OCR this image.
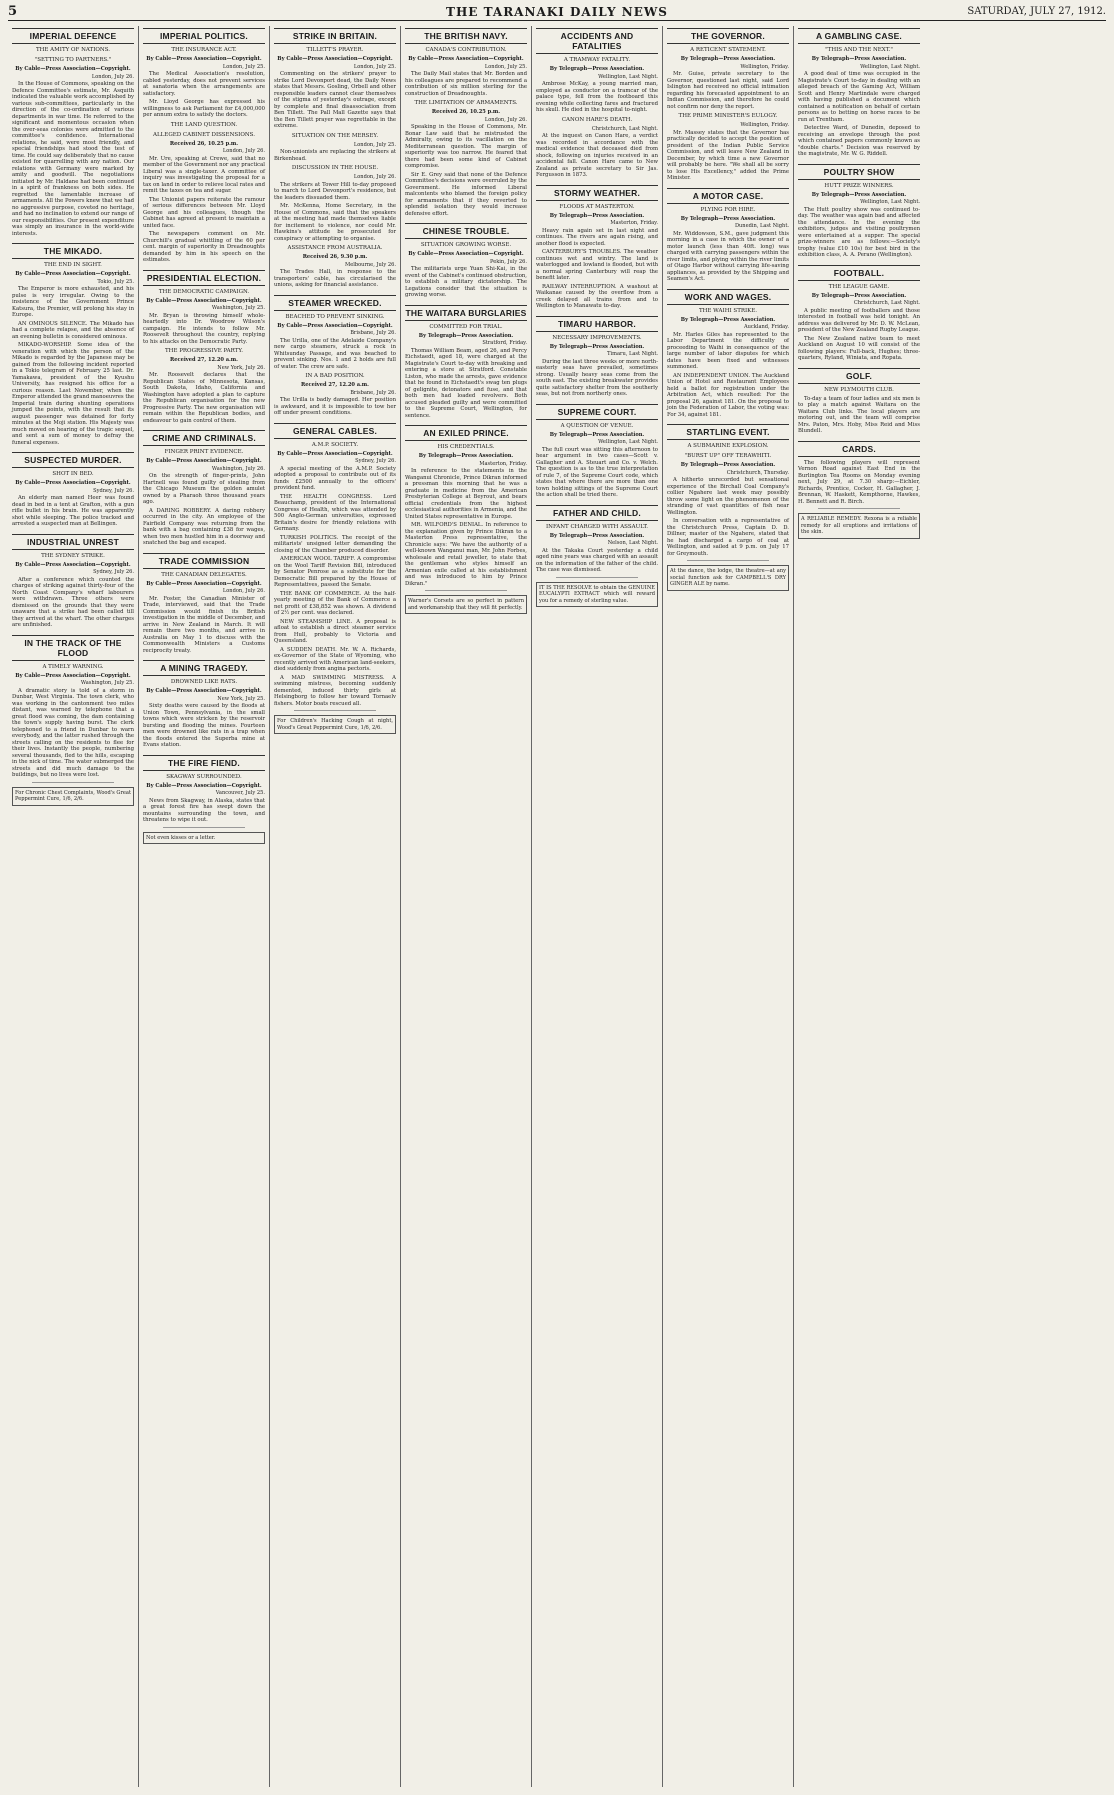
5	THE TARANAKI DAILY NEWS	SATURDAY, JULY 27, 1912.
IMPERIAL DEFENCE
THE AMITY OF NATIONS.
"SETTING TO PARTNERS."
By Cable—Press Association—Copyright.
London, July 26.

In the House of Commons, speaking on the Defence Committee's estimate, Mr. Asquith indicated the valuable work accomplished by various sub-committees, particularly in the direction of the co-ordination of various departments in war time. He referred to the significant and momentous occasion when the over-seas colonies were admitted to the committee's confidence. International relations, he said, were most friendly, and special friendships had stood the test of time. He could say deliberately that no cause existed for quarrelling with any nation. Our relations with Germany were marked by amity and goodwill. The negotiations initiated by Mr. Haldane had been continued in a spirit of frankness on both sides. He regretted the lamentable increase of armaments. All the Powers knew that we had no aggressive purpose, coveted no heritage, and had no inclination to extend our range of our responsibilities. Our present expenditure was simply an insurance in the world-wide interests.

THE MIKADO.
THE END IN SIGHT.
By Cable—Press Association—Copyright.
Tokio, July 25.

The Emperor is more exhausted, and his pulse is very irregular. Owing to the insistence of the Government Prince Katsura, the Premier, will prolong his stay in Europe.

AN OMINOUS SILENCE. The Mikado has had a complete relapse, and the absence of an evening bulletin is considered ominous.

MIKADO-WORSHIP. Some idea of the veneration with which the person of the Mikado is regarded by the Japanese may be gained from the following incident reported in a Tokio telegram of February 25 last. Dr. Yamakawa, president of the Kyushu University, has resigned his office for a curious reason. Last November, when the Emperor attended the grand manoeuvres the Imperial train during shunting operations jumped the points, with the result that its august passenger was detained for forty minutes at the Moji station. His Majesty was much moved on hearing of the tragic sequel, and sent a sum of money to defray the funeral expenses.

SUSPECTED MURDER.
SHOT IN BED.
By Cable—Press Association—Copyright.
Sydney, July 26.

An elderly man named Heer was found dead in bed in a tent at Grafton, with a gun rifle bullet in his brain. He was apparently shot while sleeping. The police tracked and arrested a suspected man at Bellingen.

INDUSTRIAL UNREST
THE SYDNEY STRIKE.
By Cable—Press Association—Copyright.
Sydney, July 26.

After a conference which counted the charges of striking against thirty-four of the North Coast Company's wharf labourers were withdrawn. Three others were dismissed on the grounds that they were unaware that a strike had been called till they arrived at the wharf. The other charges are unfinished.

IN THE TRACK OF THE FLOOD
A TIMELY WARNING.
By Cable—Press Association—Copyright.
Washington, July 25.

A dramatic story is told of a storm in Dunbar, West Virginia. The town clerk, who was working in the cantonment two miles distant, was warned by telephone that a great flood was coming, the dam containing the town's supply having burst. The clerk telephoned to a friend in Dunbar to warn everybody, and the latter rushed through the streets calling on the residents to flee for their lives. Instantly the people, numbering several thousands, fled to the hills, escaping in the nick of time. The water submerged the streets and did much damage to the buildings, but no lives were lost.

For Chronic Chest Complaints, Wood's Great Peppermint Cure, 1/6, 2/6.
IMPERIAL POLITICS.
THE INSURANCE ACT.
By Cable—Press Association—Copyright.
London, July 25.

The Medical Association's resolution, cabled yesterday, does not prevent services at sanatoria when the arrangements are satisfactory.

Mr. Lloyd George has expressed his willingness to ask Parliament for £4,000,000 per annum extra to satisfy the doctors.

THE LAND QUESTION.
ALLEGED CABINET DISSENSIONS.
Received 26, 10.25 p.m.
London, July 26.

Mr. Ure, speaking at Crewe, said that no member of the Government nor any practical Liberal was a single-taxer. A committee of inquiry was investigating the proposal for a tax on land in order to relieve local rates and remit the taxes on tea and sugar.

The Unionist papers reiterate the rumour of serious differences between Mr. Lloyd George and his colleagues, though the Cabinet has agreed at present to maintain a united face.

The newspapers comment on Mr. Churchill's gradual whittling of the 60 per cent. margin of superiority in Dreadnoughts demanded by him in his speech on the estimates.

PRESIDENTIAL ELECTION.
THE DEMOCRATIC CAMPAIGN.
By Cable—Press Association—Copyright.
Washington, July 25.

Mr. Bryan is throwing himself whole-heartedly into Dr. Woodrow Wilson's campaign. He intends to follow Mr. Roosevelt throughout the country, replying to his attacks on the Democratic Party.

THE PROGRESSIVE PARTY.
Received 27, 12.20 a.m.
New York, July 26.

Mr. Roosevelt declares that the Republican States of Minnesota, Kansas, South Dakota, Idaho, California and Washington have adopted a plan to capture the Republican organisation for the new Progressive Party. The new organisation will remain within the Republican bodies, and endeavour to gain control of them.

CRIME AND CRIMINALS.
FINGER PRINT EVIDENCE.
By Cable—Press Association—Copyright.
Washington, July 26.

On the strength of finger-prints, John Hartnell was found guilty of stealing from the Chicago Museum the golden amulet owned by a Pharaoh three thousand years ago.

A DARING ROBBERY. A daring robbery occurred in the city. An employee of the Fairfield Company was returning from the bank with a bag containing £38 for wages, when two men hustled him in a doorway and snatched the bag and escaped.

TRADE COMMISSION
THE CANADIAN DELEGATES.
By Cable—Press Association—Copyright.
London, July 26.

Mr. Foster, the Canadian Minister of Trade, interviewed, said that the Trade Commission would finish its British investigation in the middle of December, and arrive in New Zealand in March. It will remain there two months, and arrive in Australia on May 1 to discuss with the Commonwealth Ministers a Customs reciprocity treaty.

A MINING TRAGEDY.
DROWNED LIKE RATS.
By Cable—Press Association—Copyright.
New York, July 25.

Sixty deaths were caused by the floods at Union Town, Pennsylvania, in the small towns which were stricken by the reservoir bursting and flooding the mines. Fourteen men were drowned like rats in a trap when the floods entered the Superba mine at Evans station.

THE FIRE FIEND.
SKAGWAY SURROUNDED.
By Cable—Press Association—Copyright.
Vancouver, July 25.

News from Skagway, in Alaska, states that a great forest fire has swept down the mountains surrounding the town, and threatens to wipe it out.

Not even kisses or a letter.
STRIKE IN BRITAIN.
TILLETT'S PRAYER.
By Cable—Press Association—Copyright.
London, July 25.

Commenting on the strikers' prayer to strike Lord Devonport dead, the Daily News states that Messrs. Gosling, Orbell and other responsible leaders cannot clear themselves of the stigma of yesterday's outrage, except by complete and final disassociation from Ben Tillett. The Pall Mall Gazette says that the Ben Tillett prayer was regrettable in the extreme.

SITUATION ON THE MERSEY.
London, July 25.

Non-unionists are replacing the strikers at Birkenhead.

DISCUSSION IN THE HOUSE.
London, July 26.

The strikers at Tower Hill to-day proposed to march to Lord Devonport's residence, but the leaders dissuaded them.

Mr. McKenna, Home Secretary, in the House of Commons, said that the speakers at the meeting had made themselves liable for incitement to violence, nor could Mr. Hawkins's attitude be prosecuted for conspiracy or attempting to organise.

ASSISTANCE FROM AUSTRALIA.
Received 26, 9.30 p.m.
Melbourne, July 26.

The Trades Hall, in response to the transporters' cable, has circularised the unions, asking for financial assistance.

STEAMER WRECKED.
BEACHED TO PREVENT SINKING.
By Cable—Press Association—Copyright.
Brisbane, July 26.

The Urilla, one of the Adelaide Company's new cargo steamers, struck a rock in Whitsunday Passage, and was beached to prevent sinking. Nos. 1 and 2 holds are full of water. The crew are safe.

IN A BAD POSITION.
Received 27, 12.20 a.m.
Brisbane, July 26.

The Urilla is badly damaged. Her position is awkward, and it is impossible to tow her off under present conditions.

GENERAL CABLES.
A.M.P. SOCIETY.
By Cable—Press Association—Copyright.
Sydney, July 26.

A special meeting of the A.M.P. Society adopted a proposal to contribute out of its funds £2500 annually to the officers' provident fund.

THE HEALTH CONGRESS. Lord Beauchamp, president of the International Congress of Health, which was attended by 500 Anglo-German universities, expressed Britain's desire for friendly relations with Germany.

TURKISH POLITICS. The receipt of the militarists' unsigned letter demanding the closing of the Chamber produced disorder.

AMERICAN WOOL TARIFF. A compromise on the Wool Tariff Revision Bill, introduced by Senator Penrose as a substitute for the Democratic Bill prepared by the House of Representatives, passed the Senate.

THE BANK OF COMMERCE. At the half-yearly meeting of the Bank of Commerce a net profit of £38,852 was shown. A dividend of 2½ per cent. was declared.

NEW STEAMSHIP LINE. A proposal is afloat to establish a direct steamer service from Hull, probably to Victoria and Queensland.

A SUDDEN DEATH. Mr. W. A. Richards, ex-Governor of the State of Wyoming, who recently arrived with American land-seekers, died suddenly from angina pectoris.

A MAD SWIMMING MISTRESS. A swimming mistress, becoming suddenly demented, induced thirty girls at Helsingborg to follow her toward Tornaelv fishers. Motor boats rescued all.

For Children's Hacking Cough at night, Wood's Great Peppermint Cure, 1/6, 2/6.
THE BRITISH NAVY.
CANADA'S CONTRIBUTION.
By Cable—Press Association—Copyright.
London, July 25.

The Daily Mail states that Mr. Borden and his colleagues are prepared to recommend a contribution of six million sterling for the construction of Dreadnoughts.

THE LIMITATION OF ARMAMENTS.
Received 26, 10.25 p.m.
London, July 26.

Speaking in the House of Commons, Mr. Bonar Law said that he mistrusted the Admiralty, owing to its vacillation on the Mediterranean question. The margin of superiority was too narrow. He feared that there had been some kind of Cabinet compromise.

Sir E. Grey said that none of the Defence Committee's decisions were overruled by the Government. He informed Liberal malcontents who blamed the foreign policy for armaments that if they reverted to splendid isolation they would increase defensive effort.

CHINESE TROUBLE.
SITUATION GROWING WORSE.
By Cable—Press Association—Copyright.
Pekin, July 26.

The militarists urge Yuan Shi-Kai, in the event of the Cabinet's continued obstruction, to establish a military dictatorship. The Legations consider that the situation is growing worse.

THE WAITARA BURGLARIES
COMMITTED FOR TRIAL.
By Telegraph—Press Association.
Stratford, Friday.

Thomas William Beam, aged 26, and Percy Eichstaedt, aged 18, were charged at the Magistrate's Court to-day with breaking and entering a store at Stratford. Constable Liston, who made the arrests, gave evidence that he found in Eichstaedt's swag ten plugs of gelignite, detonators and fuse, and that both men had loaded revolvers. Both accused pleaded guilty and were committed to the Supreme Court, Wellington, for sentence.

AN EXILED PRINCE.
HIS CREDENTIALS.
By Telegraph—Press Association.
Masterton, Friday.

In reference to the statements in the Wanganui Chronicle, Prince Dikran informed a pressman this morning that he was a graduate in medicine from the American Presbyterian College at Beyrout, and bears official credentials from the highest ecclesiastical authorities in Armenia, and the United States representative in Europe.

MR. WILFORD'S DENIAL. In reference to the explanation given by Prince Dikran to a Masterton Press representative, the Chronicle says: "We have the authority of a well-known Wanganui man, Mr. John Forbes, wholesale and retail jeweller, to state that the gentleman who styles himself an Armenian exile called at his establishment and was introduced to him by Prince Dikran."

Warner's Corsets are so perfect in pattern and workmanship that they will fit perfectly.
ACCIDENTS AND FATALITIES
A TRAMWAY FATALITY.
By Telegraph—Press Association.
Wellington, Last Night.

Ambrose McKay, a young married man, employed as conductor on a tramcar of the palace type, fell from the footboard this evening while collecting fares and fractured his skull. He died in the hospital to-night.

CANON HARE'S DEATH.
Christchurch, Last Night.

At the inquest on Canon Hare, a verdict was recorded in accordance with the medical evidence that deceased died from shock, following on injuries received in an accidental fall. Canon Hare came to New Zealand as private secretary to Sir Jas. Fergusson in 1873.

STORMY WEATHER.
FLOODS AT MASTERTON.
By Telegraph—Press Association.
Masterton, Friday.

Heavy rain again set in last night and continues. The rivers are again rising, and another flood is expected.

CANTERBURY'S TROUBLES. The weather continues wet and wintry. The land is waterlogged and lowland is flooded, but with a normal spring Canterbury will reap the benefit later.

RAILWAY INTERRUPTION. A washout at Waikanae caused by the overflow from a creek delayed all trains from and to Wellington to Manawatu to-day.

TIMARU HARBOR.
NECESSARY IMPROVEMENTS.
By Telegraph—Press Association.
Timaru, Last Night.

During the last three weeks or more north-easterly seas have prevailed, sometimes strong. Usually heavy seas come from the south east. The existing breakwater provides quite satisfactory shelter from the southerly seas, but not from northerly ones.

SUPREME COURT.
A QUESTION OF VENUE.
By Telegraph—Press Association.
Wellington, Last Night.

The full court was sitting this afternoon to hear argument in two cases—Scott v. Gallagher and A. Steuart and Co. v. Welch. The question is as to the true interpretation of rule 7, of the Supreme Court code, which states that where there are more than one town holding sittings of the Supreme Court the action shall be tried there.

FATHER AND CHILD.
INFANT CHARGED WITH ASSAULT.
By Telegraph—Press Association.
Nelson, Last Night.

At the Takaka Court yesterday a child aged nine years was charged with an assault on the information of the father of the child. The case was dismissed.

IT IS THE RESOLVE to obtain the GENUINE EUCALYPTI EXTRACT which will reward you for a remedy of sterling value.
THE GOVERNOR.
A RETICENT STATEMENT.
By Telegraph—Press Association.
Wellington, Friday.

Mr. Guise, private secretary to the Governor, questioned last night, said Lord Islington had received no official intimation regarding his forecasted appointment to an Indian Commission, and therefore he could not confirm nor deny the report.

THE PRIME MINISTER'S EULOGY.
Wellington, Friday.

Mr. Massey states that the Governor has practically decided to accept the position of president of the Indian Public Service Commission, and will leave New Zealand in December, by which time a new Governor will probably be here. "We shall all be sorry to lose His Excellency," added the Prime Minister.

A MOTOR CASE.
PLYING FOR HIRE.
By Telegraph—Press Association.
Dunedin, Last Night.

Mr. Widdowson, S.M., gave judgment this morning in a case in which the owner of a motor launch (less than 40ft. long) was charged with carrying passengers within the river limits, and plying within the river limits of Otago Harbor without carrying life-saving appliances, as provided by the Shipping and Seamen's Act.

WORK AND WAGES.
THE WAIHI STRIKE.
By Telegraph—Press Association.
Auckland, Friday.

Mr. Harles Giles has represented to the Labor Department the difficulty of proceeding to Waihi in consequence of the large number of labor disputes for which dates have been fixed and witnesses summoned.

AN INDEPENDENT UNION. The Auckland Union of Hotel and Restaurant Employees held a ballot for registration under the Arbitration Act, which resulted: For the proposal 26, against 181. On the proposal to join the Federation of Labor, the voting was: For 34, against 181.

STARTLING EVENT.
A SUBMARINE EXPLOSION.
"BURST UP" OFF TERAWHITI.
By Telegraph—Press Association.
Christchurch, Thursday.

A hitherto unrecorded but sensational experience of the Birchall Coal Company's collier Ngahere last week may possibly throw some light on the phenomenon of the stranding of vast quantities of fish near Wellington.

In conversation with a representative of the Christchurch Press, Captain D. D. Dillner, master of the Ngahere, stated that he had discharged a cargo of coal at Wellington, and sailed at 9 p.m. on July 17 for Greymouth.

At the dance, the lodge, the theatre—at any social function ask for CAMPBELL'S DRY GINGER ALE by name.
A GAMBLING CASE.
"THIS AND THE NEXT."
By Telegraph—Press Association.
Wellington, Last Night.

A good deal of time was occupied in the Magistrate's Court to-day in dealing with an alleged breach of the Gaming Act, William Scott and Henry Martindale were charged with having published a document which contained a notification on behalf of certain persons as to betting on horse races to be run at Trentham.

Detective Ward, of Dunedin, deposed to receiving an envelope through the post which contained papers commonly known as "double charts." Decision was reserved by the magistrate, Mr. W. G. Riddell.

POULTRY SHOW
HUTT PRIZE WINNERS.
By Telegraph—Press Association.
Wellington, Last Night.

The Hutt poultry show was continued to-day. The weather was again bad and affected the attendance. In the evening the exhibitors, judges and visiting poultrymen were entertained at a supper. The special prize-winners are as follows:—Society's trophy (value £10 10s) for best bird in the exhibition class, A. A. Perano (Wellington).

FOOTBALL.
THE LEAGUE GAME.
By Telegraph—Press Association.
Christchurch, Last Night.

A public meeting of footballers and those interested in football was held tonight. An address was delivered by Mr. D. W. McLean, president of the New Zealand Rugby League.

The New Zealand native team to meet Auckland on August 10 will consist of the following players: Full-back, Hughes; three-quarters, Ryland, Winiata, and Ropata.

GOLF.
NEW PLYMOUTH CLUB.

To-day a team of four ladies and six men is to play a match against Waitara on the Waitara Club links. The local players are motoring out, and the team will comprise Mrs. Paton, Mrs. Hoby, Miss Reid and Miss Blundell.

CARDS.

The following players will represent Vernon Road against East End in the Burlington Tea Rooms on Monday evening next, July 29, at 7.30 sharp:—Eichler, Richards, Prentice, Cocker, H. Gallagher, J. Brennan, W. Haskett, Kempthorne, Hawkes, H. Bennett and R. Birch.

A RELIABLE REMEDY. Rexona is a reliable remedy for all eruptions and irritations of the skin.
